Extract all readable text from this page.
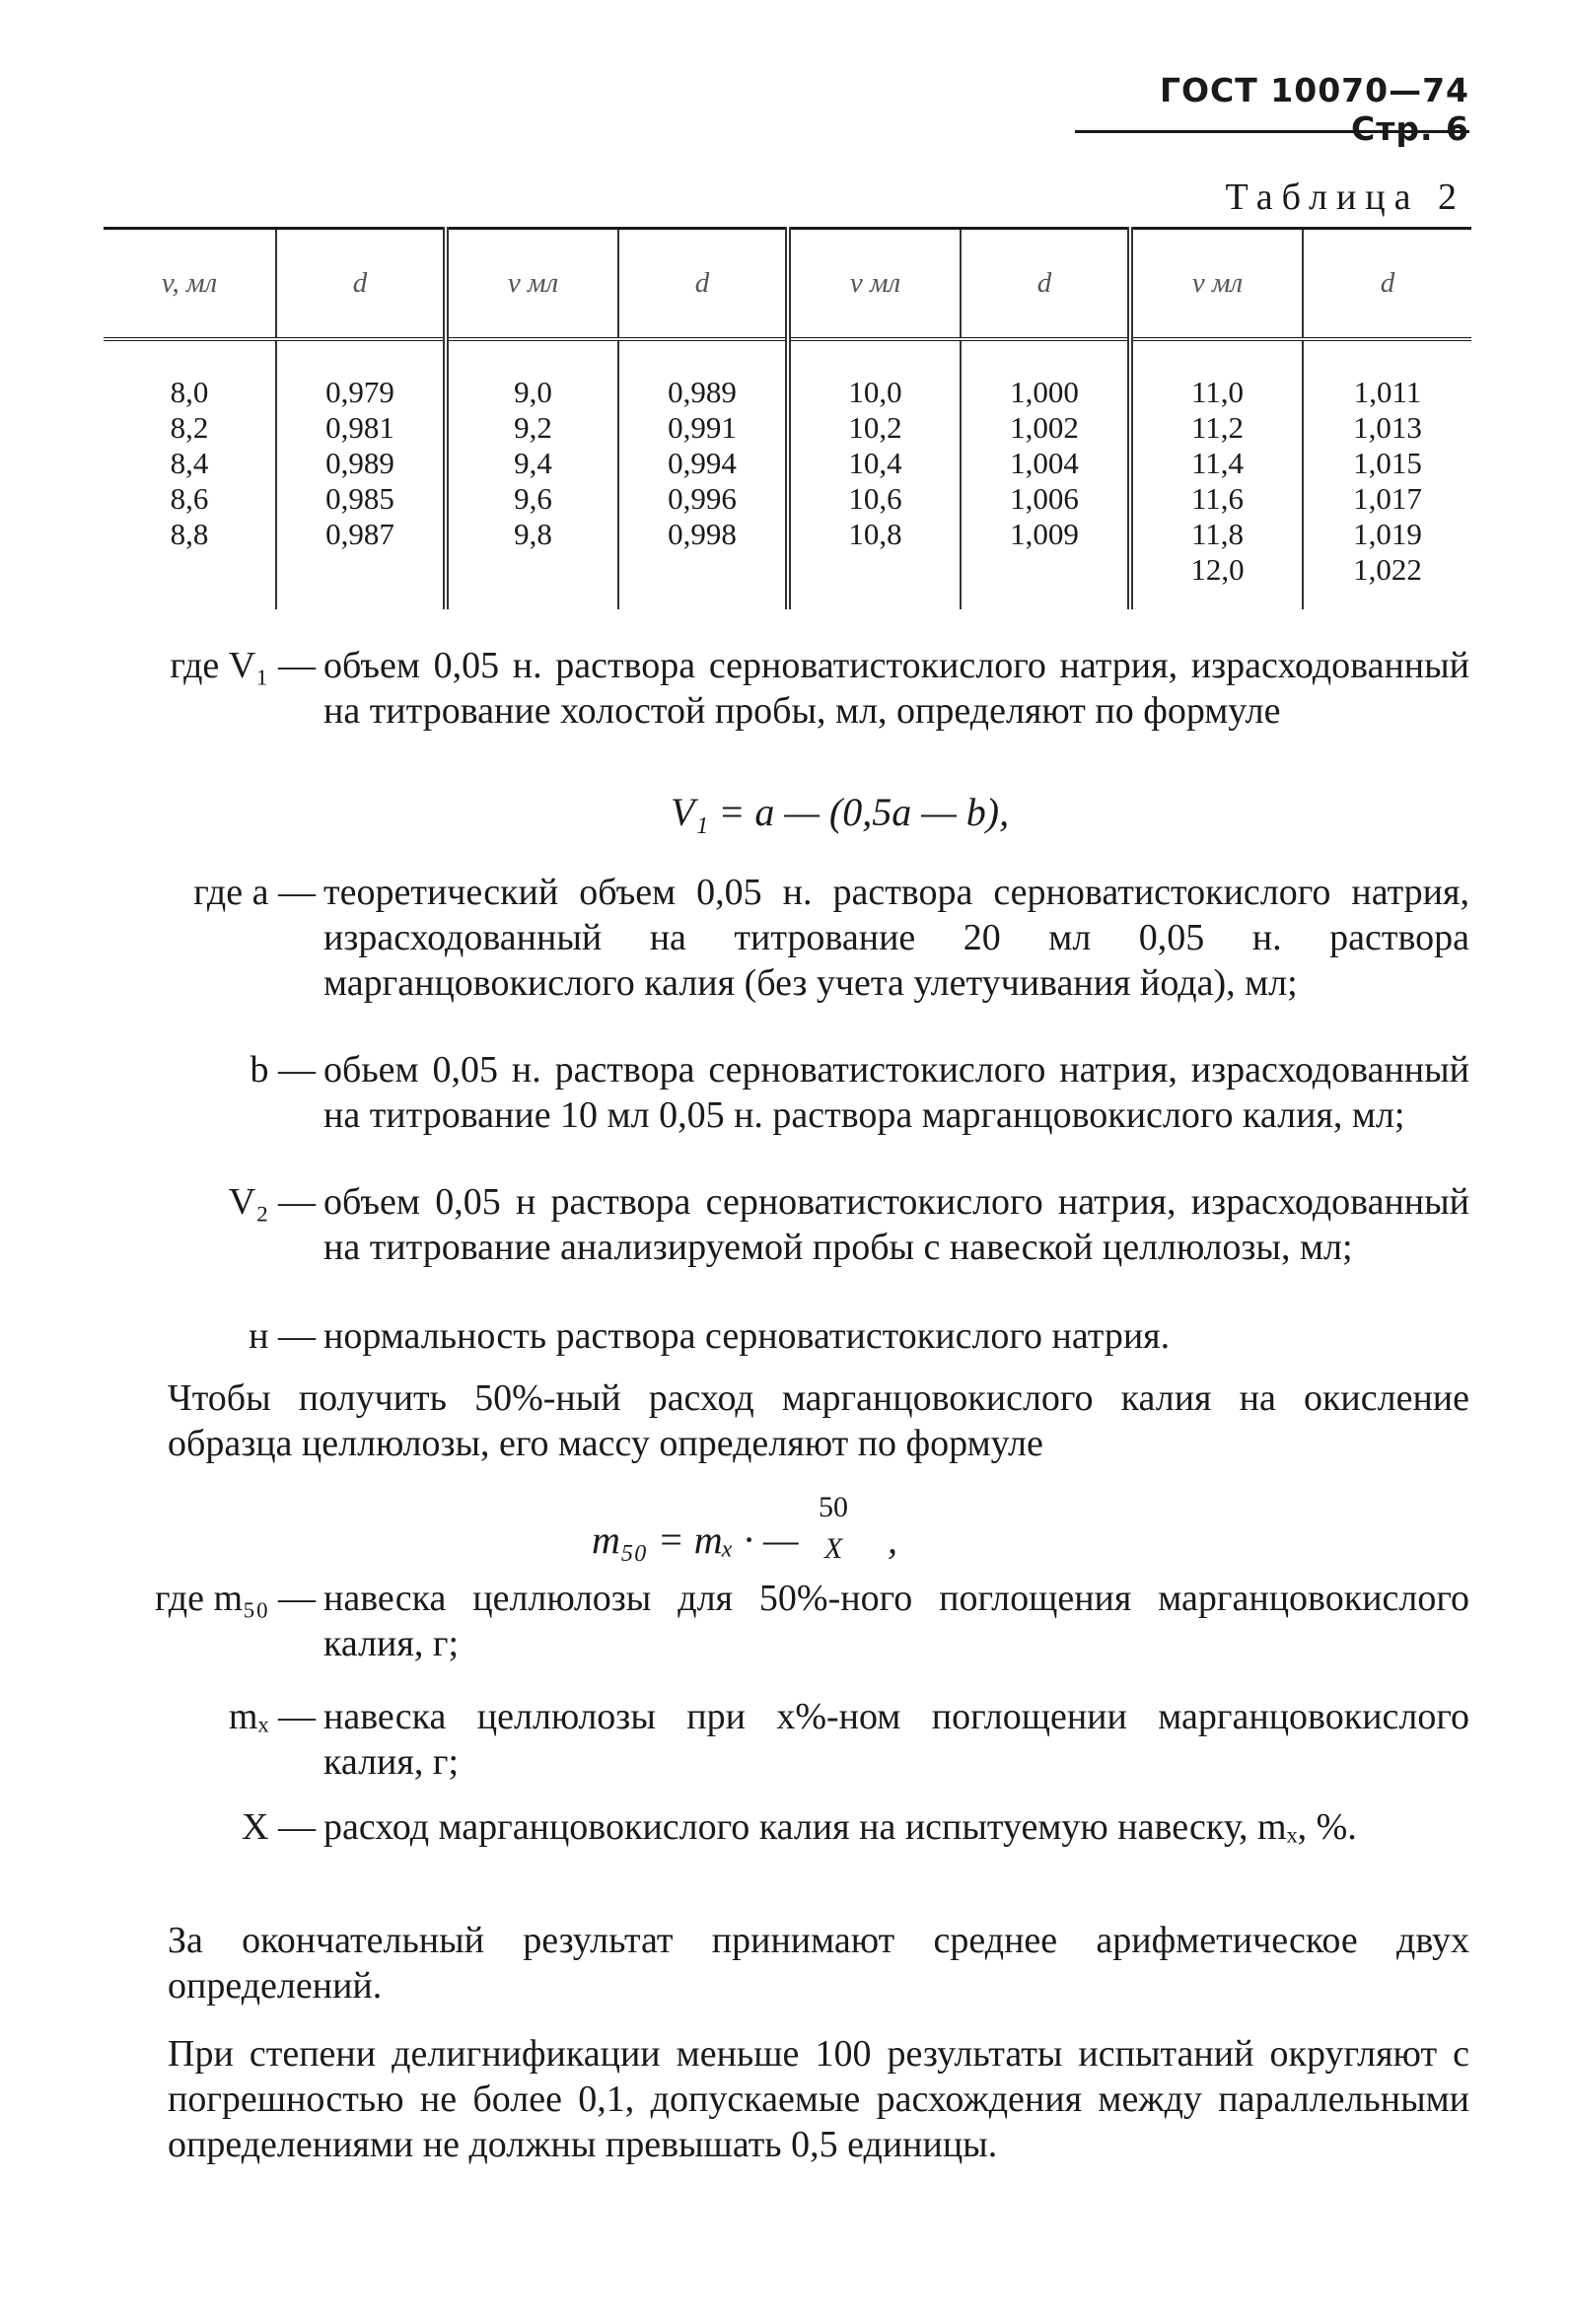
ГОСТ 10070—74 Стр. 6
Таблица 2
v, мл	d	v мл	d	v мл	d	v мл	d
8,0	0,979	9,0	0,989	10,0	1,000	11,0	1,011
8,2	0,981	9,2	0,991	10,2	1,002	11,2	1,013
8,4	0,989	9,4	0,994	10,4	1,004	11,4	1,015
8,6	0,985	9,6	0,996	10,6	1,006	11,6	1,017
8,8	0,987	9,8	0,998	10,8	1,009	11,8	1,019
						12,0	1,022
где V₁ — объем 0,05 н. раствора серноватистокислого натрия, израсходованный на титрование холостой пробы, мл, определяют по формуле
V₁ = a — (0,5a — b),
где a — теоретический объем 0,05 н. раствора серноватистокислого натрия, израсходованный на титрование 20 мл 0,05 н. раствора марганцовокислого калия (без учета улетучивания йода), мл;
b — обьем 0,05 н. раствора серноватистокислого натрия, израсходованный на титрование 10 мл 0,05 н. раствора марганцовокислого калия, мл;
V₂ — объем 0,05 н раствора серноватистокислого натрия, израсходованный на титрование анализируемой пробы с навеской целлюлозы, мл;
н — нормальность раствора серноватистокислого натрия.
Чтобы получить 50%-ный расход марганцовокислого калия на окисление образца целлюлозы, его массу определяют по формуле
m₅₀ = mₓ · —
50
X ,
где m₅₀ — навеска целлюлозы для 50%-ного поглощения марганцовокислого калия, г;
mₓ — навеска целлюлозы при x%-ном поглощении марганцовокислого калия, г;
X — расход марганцовокислого калия на испытуемую навеску, mₓ, %.
За окончательный результат принимают среднее арифметическое двух определений.
При степени делигнификации меньше 100 результаты испытаний округляют с погрешностью не более 0,1, допускаемые расхождения между параллельными определениями не должны превышать 0,5 единицы.
